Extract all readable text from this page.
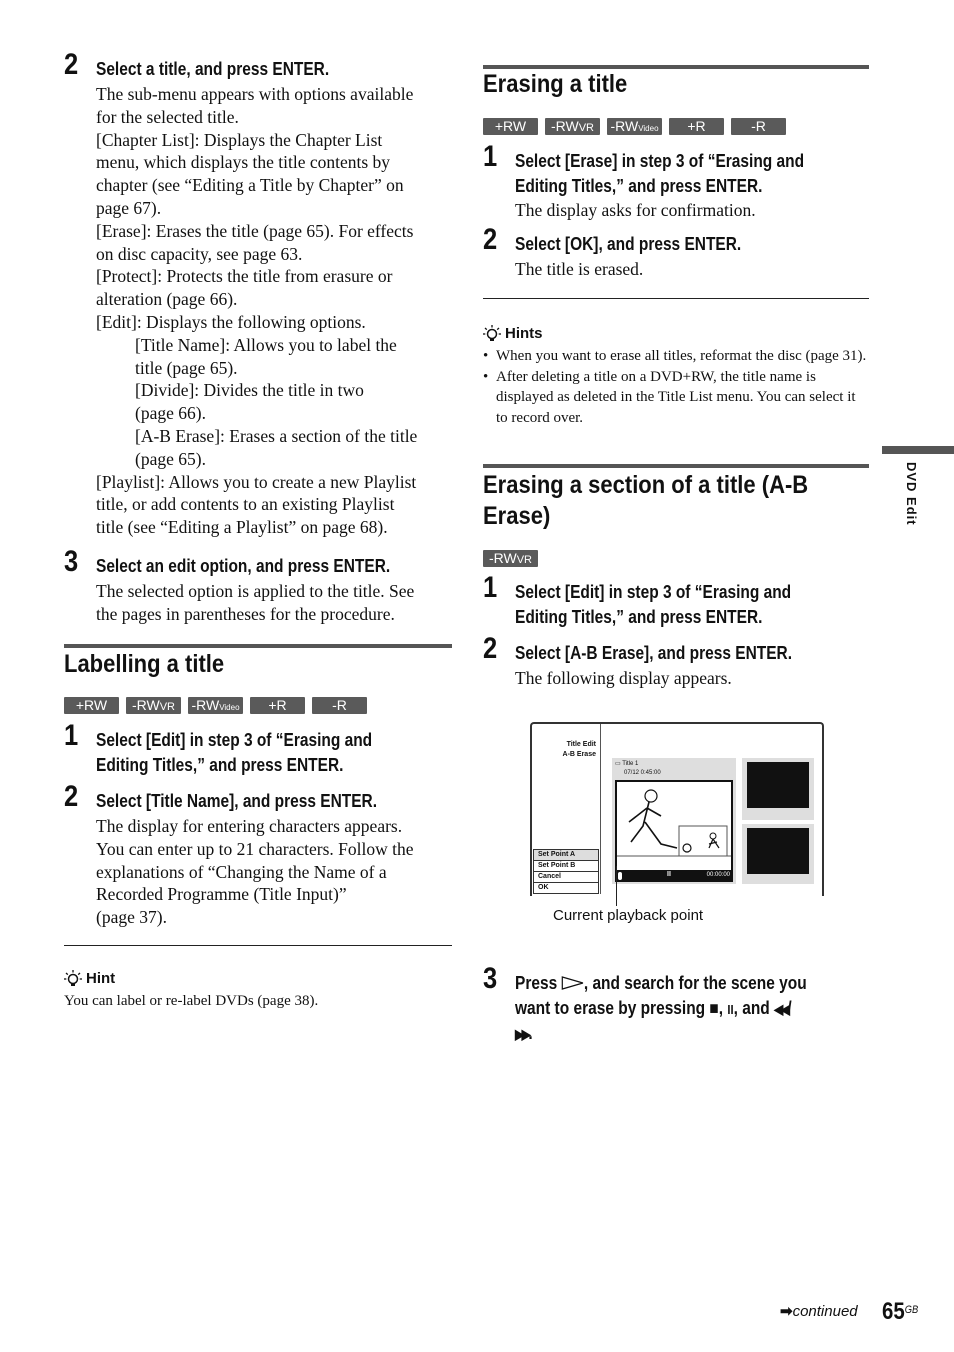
2 Select a title, and press ENTER.

The sub-menu appears with options available

for the selected title.

[Chapter List]: Displays the Chapter List

menu, which displays the title contents by

chapter (see “Editing a Title by Chapter” on

page 67).

[Erase]: Erases the title (page 65). For effects

on disc capacity, see page 63.

[Protect]: Protects the title from erasure or

alteration (page 66).

[Edit]: Displays the following options.

[Title Name]: Allows you to label the

title (page 65).

[Divide]: Divides the title in two

(page 66).

[A-B Erase]: Erases a section of the title

(page 65).

[Playlist]: Allows you to create a new Playlist

title, or add contents to an existing Playlist

title (see “Editing a Playlist” on page 68).

3 Select an edit option, and press ENTER.

The selected option is applied to the title. See

the pages in parentheses for the procedure.

Labelling a title
+RW	-RWVR	-RWVideo	+R	-R
1 Select [Edit] in step 3 of “Erasing and
Editing Titles,” and press ENTER.
2 Select [Title Name], and press ENTER.

The display for entering characters appears.

You can enter up to 21 characters. Follow the

explanations of “Changing the Name of a

Recorded Programme (Title Input)”

(page 37).

Hint
You can label or re-label DVDs (page 38).
Erasing a title
+RW	-RWVR	-RWVideo	+R	-R
1 Select [Erase] in step 3 of “Erasing and
Editing Titles,” and press ENTER.
The display asks for confirmation.
2 Select [OK], and press ENTER.
The title is erased.
Hints
• When you want to erase all titles, reformat the disc (page 31).
• After deleting a title on a DVD+RW, the title name is displayed as deleted in the Title List menu. You can select it to record over.
Erasing a section of a title (A-B
Erase)
-RWVR
1 Select [Edit] in step 3 of “Erasing and
Editing Titles,” and press ENTER.
2 Select [A-B Erase], and press ENTER.
The following display appears.
3 Press , and search for the scene you
want to erase by pressing ■, II, and ◀◀/
▶▶.
Title Edit
A-B Erase
Set Point A
Set Point B
Cancel
OK
▭ Title 1
07/12 0:45:00
II	00:00:00
Current playback point
DVD Edit
➡continued $65^{GB}$
